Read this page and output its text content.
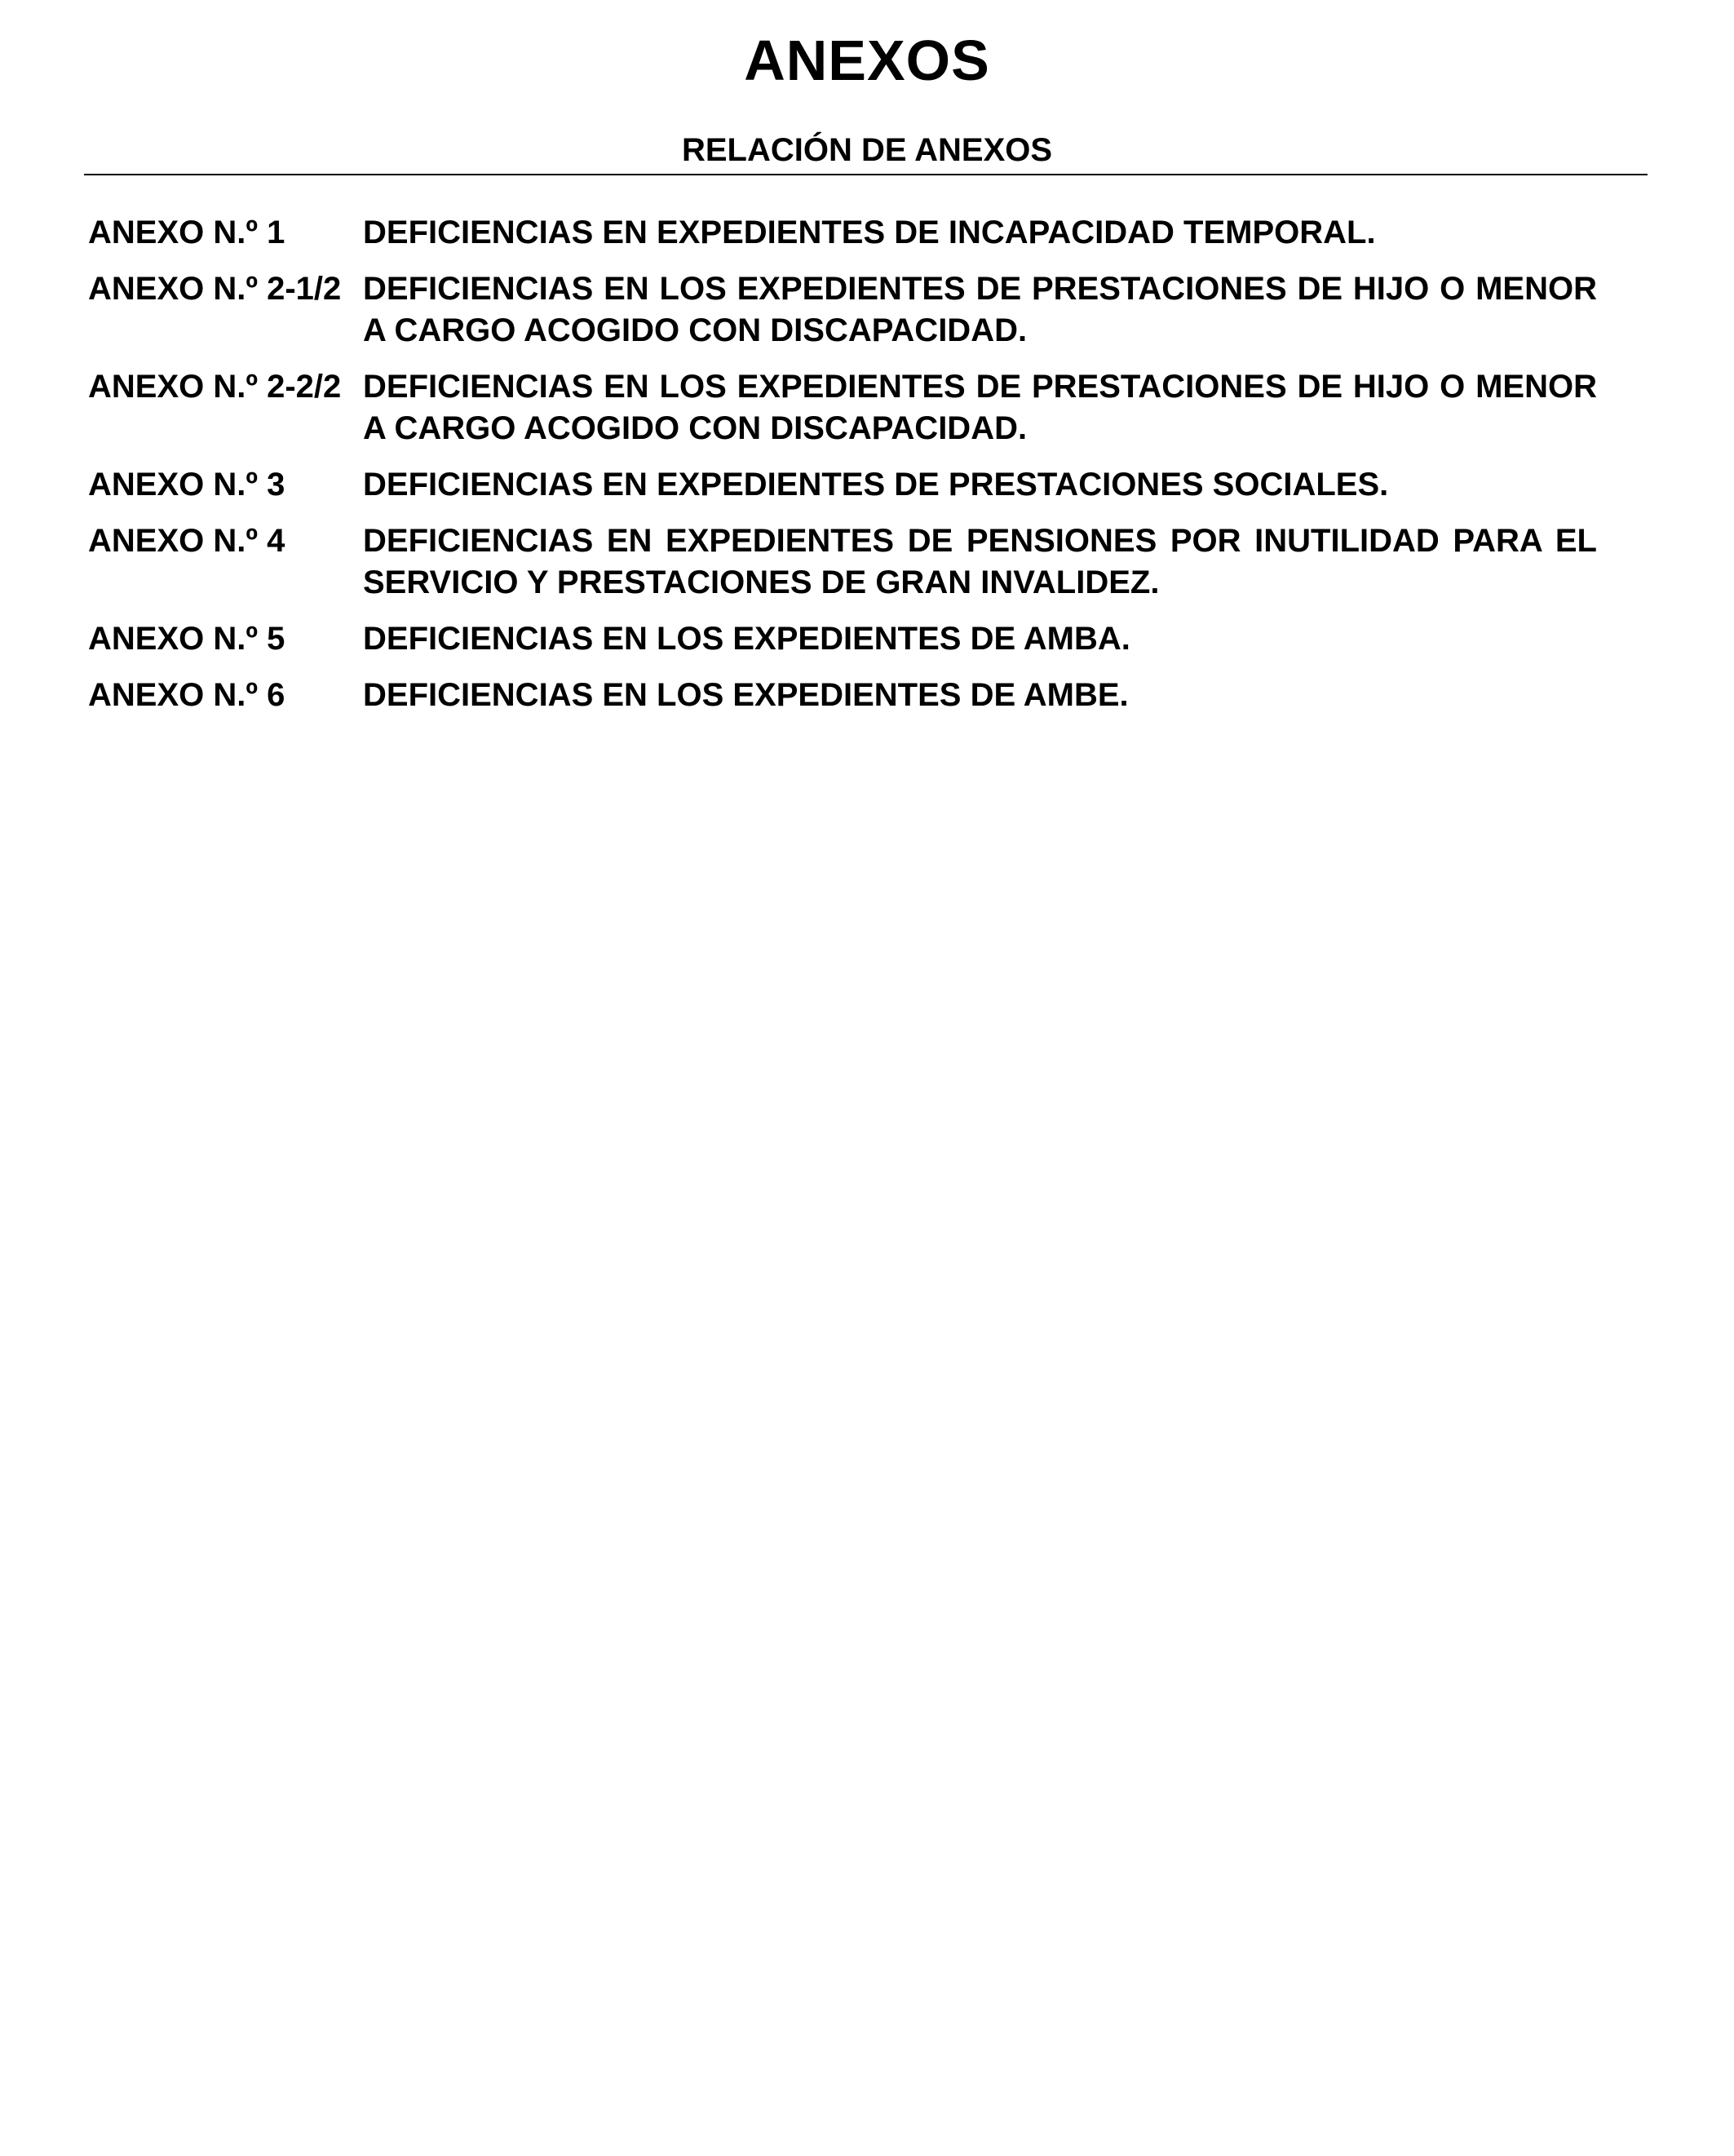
ANEXOS
RELACIÓN DE ANEXOS
ANEXO N.º 1	DEFICIENCIAS EN EXPEDIENTES DE INCAPACIDAD TEMPORAL.
ANEXO N.º 2-1/2 DEFICIENCIAS EN LOS EXPEDIENTES DE PRESTACIONES DE HIJO O MENOR A CARGO ACOGIDO CON DISCAPACIDAD.
ANEXO N.º 2-2/2 DEFICIENCIAS EN LOS EXPEDIENTES DE PRESTACIONES DE HIJO O MENOR A CARGO ACOGIDO CON DISCAPACIDAD.
ANEXO N.º 3	DEFICIENCIAS EN EXPEDIENTES DE PRESTACIONES SOCIALES.
ANEXO N.º 4	DEFICIENCIAS EN EXPEDIENTES DE PENSIONES POR INUTILIDAD PARA EL SERVICIO Y PRESTACIONES DE GRAN INVALIDEZ.
ANEXO N.º 5	DEFICIENCIAS EN LOS EXPEDIENTES DE AMBA.
ANEXO N.º 6	DEFICIENCIAS EN LOS EXPEDIENTES DE AMBE.
